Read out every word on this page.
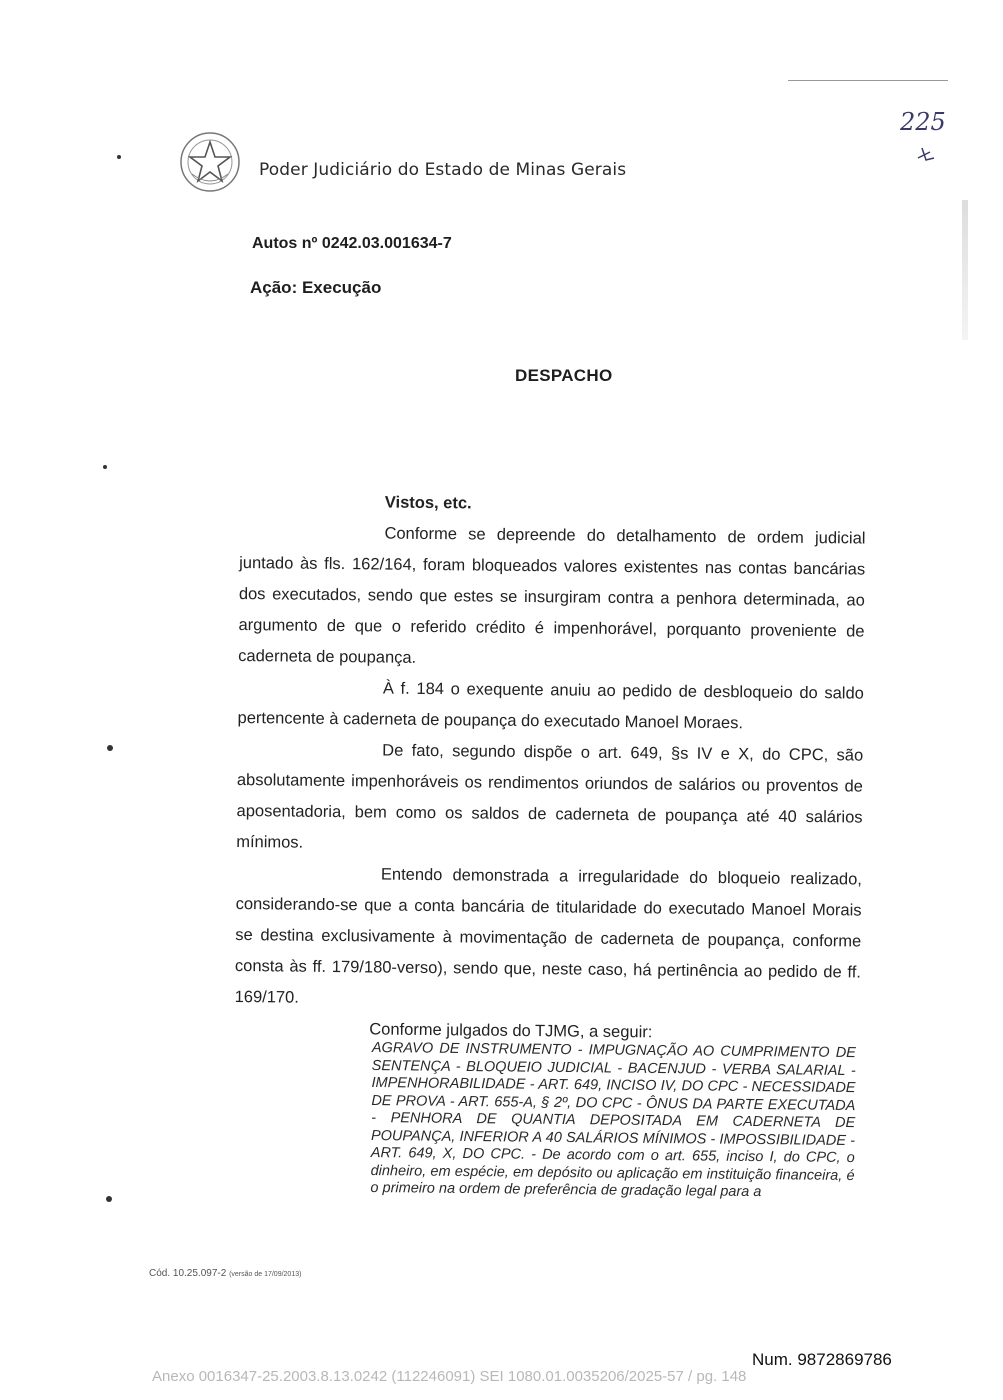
Poder Judiciário do Estado de Minas Gerais
225
Autos nº 0242.03.001634-7
Ação: Execução
DESPACHO

Vistos, etc.

Conforme se depreende do detalhamento de ordem judicial juntado às fls. 162/164, foram bloqueados valores existentes nas contas bancárias dos executados, sendo que estes se insurgiram contra a penhora determinada, ao argumento de que o referido crédito é impenhorável, porquanto proveniente de caderneta de poupança.

À f. 184 o exequente anuiu ao pedido de desbloqueio do saldo pertencente à caderneta de poupança do executado Manoel Moraes.

De fato, segundo dispõe o art. 649, §s IV e X, do CPC, são absolutamente impenhoráveis os rendimentos oriundos de salários ou proventos de aposentadoria, bem como os saldos de caderneta de poupança até 40 salários mínimos.

Entendo demonstrada a irregularidade do bloqueio realizado, considerando-se que a conta bancária de titularidade do executado Manoel Morais se destina exclusivamente à movimentação de caderneta de poupança, conforme consta às ff. 179/180-verso), sendo que, neste caso, há pertinência ao pedido de ff. 169/170.

Conforme julgados do TJMG, a seguir:

AGRAVO DE INSTRUMENTO - IMPUGNAÇÃO AO CUMPRIMENTO DE SENTENÇA - BLOQUEIO JUDICIAL - BACENJUD - VERBA SALARIAL - IMPENHORABILIDADE - ART. 649, INCISO IV, DO CPC - NECESSIDADE DE PROVA - ART. 655-A, § 2º, DO CPC - ÔNUS DA PARTE EXECUTADA - PENHORA DE QUANTIA DEPOSITADA EM CADERNETA DE POUPANÇA, INFERIOR A 40 SALÁRIOS MÍNIMOS - IMPOSSIBILIDADE - ART. 649, X, DO CPC. - De acordo com o art. 655, inciso I, do CPC, o dinheiro, em espécie, em depósito ou aplicação em instituição financeira, é o primeiro na ordem de preferência de gradação legal para a
Cód. 10.25.097-2 (versão de 17/09/2013)
Num. 9872869786
Anexo 0016347-25.2003.8.13.0242 (112246091) SEI 1080.01.0035206/2025-57 / pg. 148
